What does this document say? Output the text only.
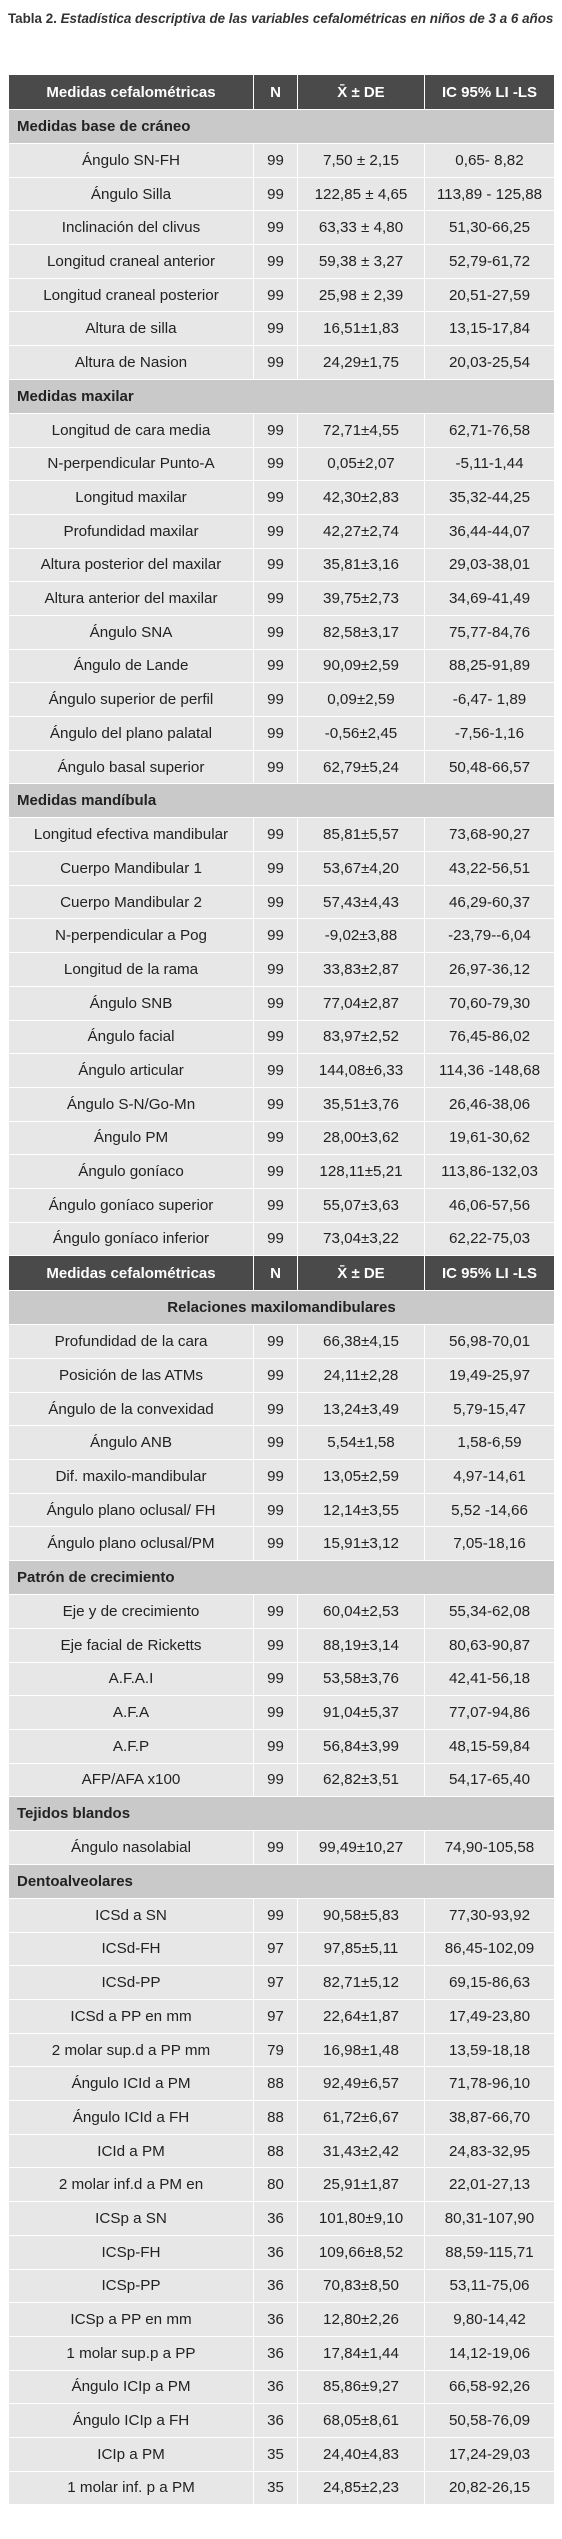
Tabla 2. Estadística descriptiva de las variables cefalométricas en niños de 3 a 6 años

Medidas cefalométricas	N	X̄ ± DE	IC 95% LI -LS
Medidas base de cráneo			
Ángulo SN-FH	99	7,50 ± 2,15	0,65- 8,82
Ángulo Silla	99	122,85 ± 4,65	113,89 - 125,88
Inclinación del clivus	99	63,33 ± 4,80	51,30-66,25
Longitud craneal anterior	99	59,38 ± 3,27	52,79-61,72
Longitud craneal posterior	99	25,98 ± 2,39	20,51-27,59
Altura de silla	99	16,51±1,83	13,15-17,84
Altura de Nasion	99	24,29±1,75	20,03-25,54
Medidas maxilar			
Longitud de cara media	99	72,71±4,55	62,71-76,58
N-perpendicular Punto-A	99	0,05±2,07	-5,11-1,44
Longitud maxilar	99	42,30±2,83	35,32-44,25
Profundidad maxilar	99	42,27±2,74	36,44-44,07
Altura posterior del maxilar	99	35,81±3,16	29,03-38,01
Altura anterior del maxilar	99	39,75±2,73	34,69-41,49
Ángulo SNA	99	82,58±3,17	75,77-84,76
Ángulo de Lande	99	90,09±2,59	88,25-91,89
Ángulo superior de perfil	99	0,09±2,59	-6,47- 1,89
Ángulo del plano palatal	99	-0,56±2,45	-7,56-1,16
Ángulo basal superior	99	62,79±5,24	50,48-66,57
Medidas mandíbula			
Longitud efectiva mandibular	99	85,81±5,57	73,68-90,27
Cuerpo Mandibular 1	99	53,67±4,20	43,22-56,51
Cuerpo Mandibular 2	99	57,43±4,43	46,29-60,37
N-perpendicular a Pog	99	-9,02±3,88	-23,79--6,04
Longitud de la rama	99	33,83±2,87	26,97-36,12
Ángulo SNB	99	77,04±2,87	70,60-79,30
Ángulo facial	99	83,97±2,52	76,45-86,02
Ángulo articular	99	144,08±6,33	114,36 -148,68
Ángulo S-N/Go-Mn	99	35,51±3,76	26,46-38,06
Ángulo PM	99	28,00±3,62	19,61-30,62
Ángulo goníaco	99	128,11±5,21	113,86-132,03
Ángulo goníaco superior	99	55,07±3,63	46,06-57,56
Ángulo goníaco inferior	99	73,04±3,22	62,22-75,03
Medidas cefalométricas	N	X̄ ± DE	IC 95% LI -LS
Relaciones maxilomandibulares			
Profundidad de la cara	99	66,38±4,15	56,98-70,01
Posición de las ATMs	99	24,11±2,28	19,49-25,97
Ángulo de la convexidad	99	13,24±3,49	5,79-15,47
Ángulo ANB	99	5,54±1,58	1,58-6,59
Dif. maxilo-mandibular	99	13,05±2,59	4,97-14,61
Ángulo plano oclusal/ FH	99	12,14±3,55	5,52 -14,66
Ángulo plano oclusal/PM	99	15,91±3,12	7,05-18,16
Patrón de crecimiento			
Eje y de crecimiento	99	60,04±2,53	55,34-62,08
Eje facial de Ricketts	99	88,19±3,14	80,63-90,87
A.F.A.I	99	53,58±3,76	42,41-56,18
A.F.A	99	91,04±5,37	77,07-94,86
A.F.P	99	56,84±3,99	48,15-59,84
AFP/AFA x100	99	62,82±3,51	54,17-65,40
Tejidos blandos			
Ángulo nasolabial	99	99,49±10,27	74,90-105,58
Dentoalveolares			
ICSd a SN	99	90,58±5,83	77,30-93,92
ICSd-FH	97	97,85±5,11	86,45-102,09
ICSd-PP	97	82,71±5,12	69,15-86,63
ICSd a PP en mm	97	22,64±1,87	17,49-23,80
2 molar sup.d a PP mm	79	16,98±1,48	13,59-18,18
Ángulo ICId a PM	88	92,49±6,57	71,78-96,10
Ángulo ICId a FH	88	61,72±6,67	38,87-66,70
ICId a PM	88	31,43±2,42	24,83-32,95
2 molar inf.d a PM en	80	25,91±1,87	22,01-27,13
ICSp a SN	36	101,80±9,10	80,31-107,90
ICSp-FH	36	109,66±8,52	88,59-115,71
ICSp-PP	36	70,83±8,50	53,11-75,06
ICSp a PP en mm	36	12,80±2,26	9,80-14,42
1 molar sup.p a PP	36	17,84±1,44	14,12-19,06
Ángulo ICIp a PM	36	85,86±9,27	66,58-92,26
Ángulo ICIp a FH	36	68,05±8,61	50,58-76,09
ICIp a PM	35	24,40±4,83	17,24-29,03
1 molar inf. p a PM	35	24,85±2,23	20,82-26,15
